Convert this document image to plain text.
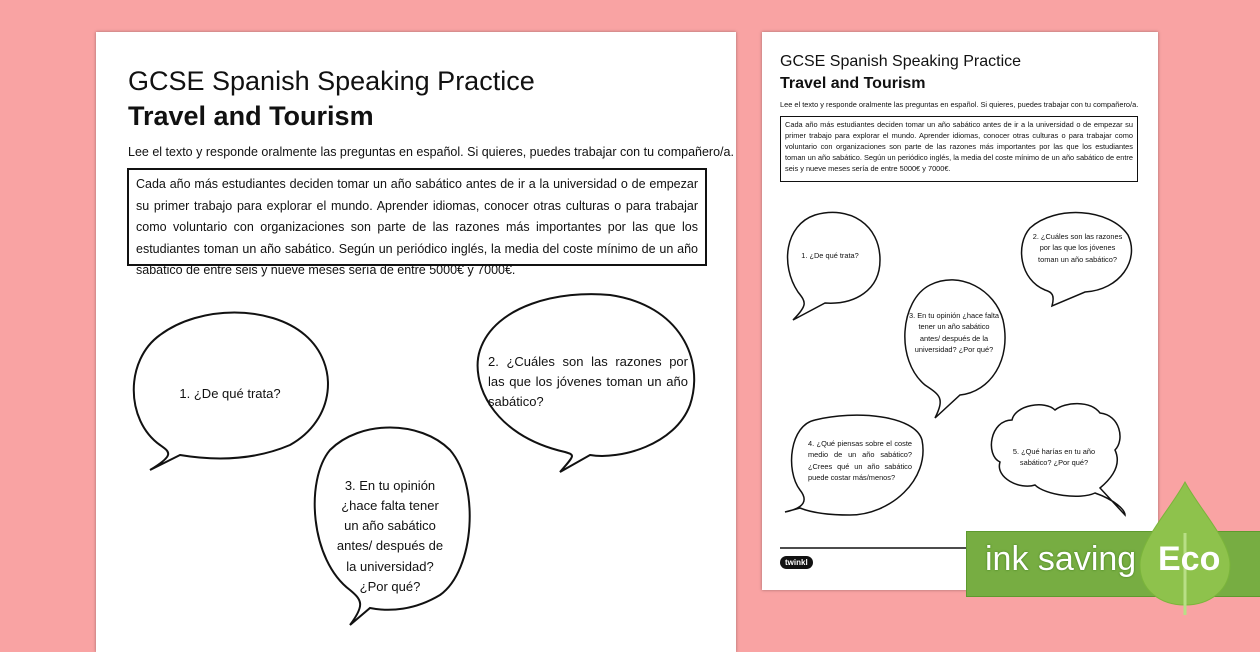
GCSE Spanish Speaking Practice
Travel and Tourism
Lee el texto y responde oralmente las preguntas en español. Si quieres, puedes trabajar con tu compañero/a.
Cada año más estudiantes deciden tomar un año sabático antes de ir a la universidad o de empezar su primer trabajo para explorar el mundo. Aprender idiomas, conocer otras culturas o para trabajar como voluntario con organizaciones son parte de las razones más importantes por las que los estudiantes toman un año sabático. Según un periódico inglés, la media del coste mínimo de un año sabático de entre seis y nueve meses sería de entre 5000€ y 7000€.
1. ¿De qué trata?
2. ¿Cuáles son las razones por las que los jóvenes toman un año sabático?
3. En tu opinión ¿hace falta tener un año sabático antes/ después de la universidad? ¿Por qué?
GCSE Spanish Speaking Practice
Travel and Tourism
Lee el texto y responde oralmente las preguntas en español. Si quieres, puedes trabajar con tu compañero/a.
Cada año más estudiantes deciden tomar un año sabático antes de ir a la universidad o de empezar su primer trabajo para explorar el mundo. Aprender idiomas, conocer otras culturas o para trabajar como voluntario con organizaciones son parte de las razones más importantes por las que los estudiantes toman un año sabático. Según un periódico inglés, la media del coste mínimo de un año sabático de entre seis y nueve meses sería de entre 5000€ y 7000€.
1. ¿De qué trata?
2. ¿Cuáles son las razones por las que los jóvenes toman un año sabático?
3. En tu opinión ¿hace falta tener un año sabático antes/ después de la universidad? ¿Por qué?
4. ¿Qué piensas sobre el coste medio de un año sabático? ¿Crees qué un año sabático puede costar más/menos?
5. ¿Qué harías en tu año sabático? ¿Por qué?
twinkl	ink saving Eco
